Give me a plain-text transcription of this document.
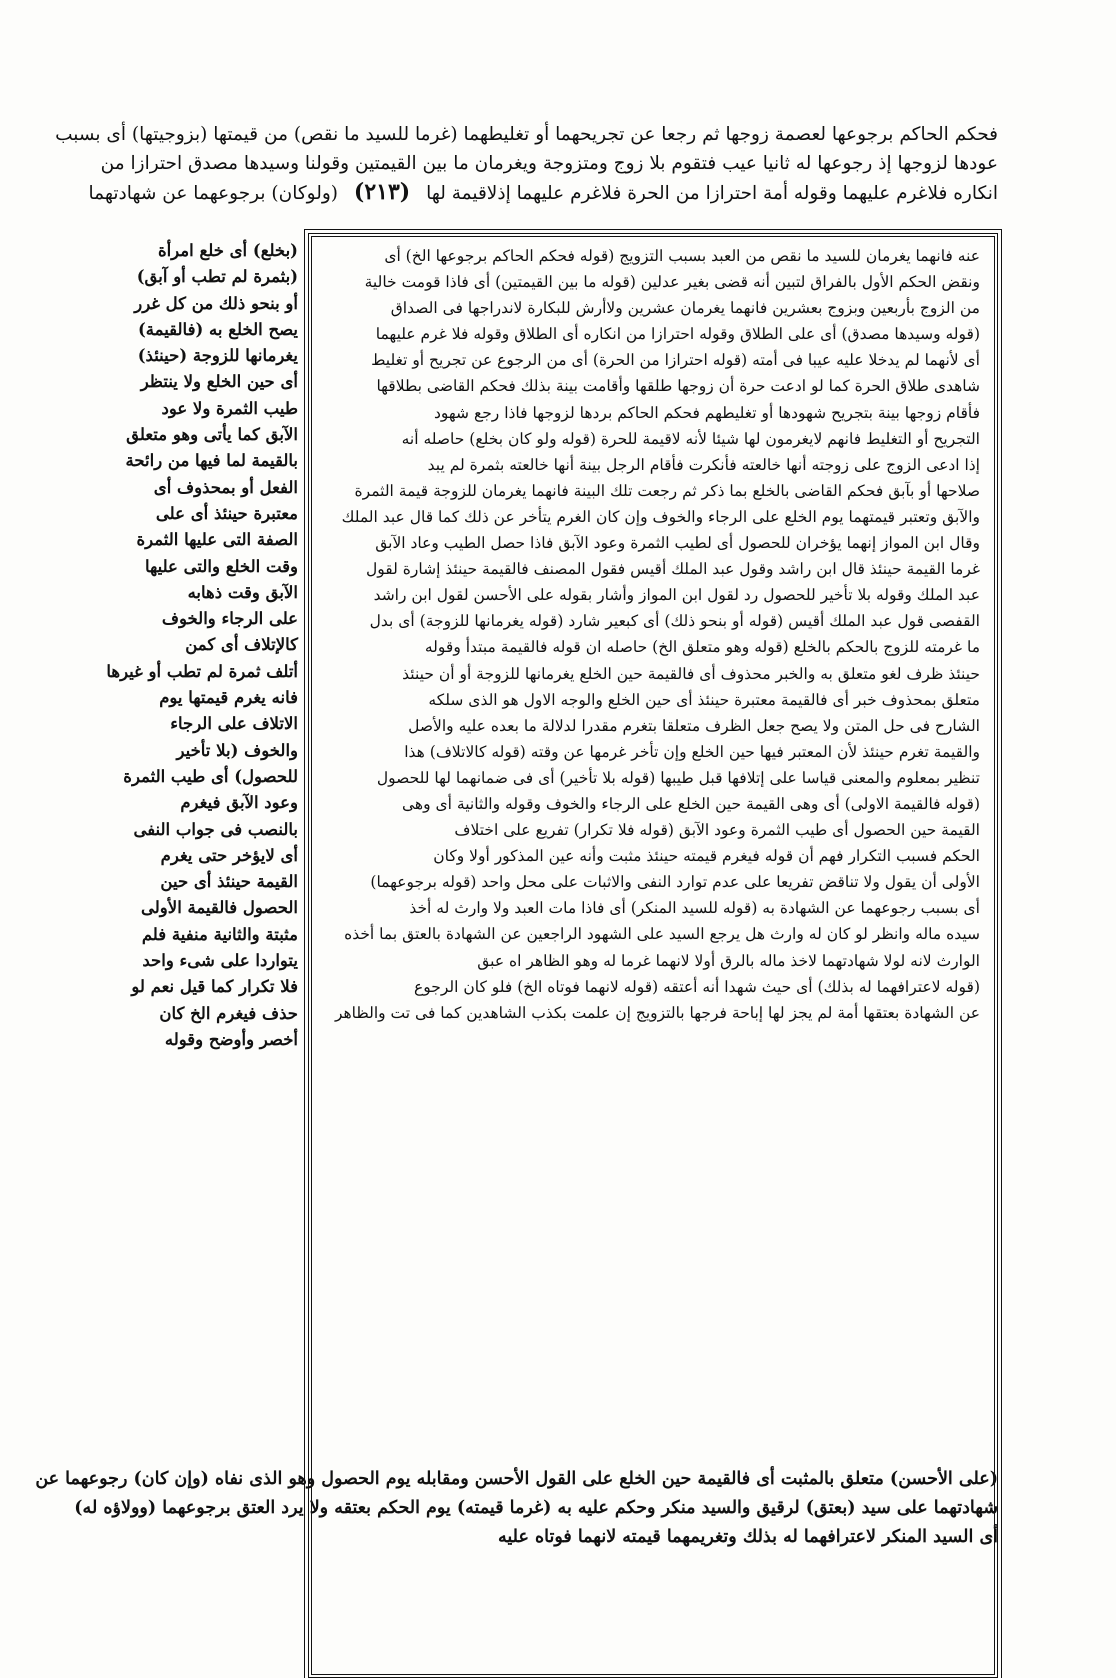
فحكم الحاكم برجوعها لعصمة زوجها ثم رجعا عن تجريحهما أو تغليطهما (غرما للسيد ما نقص) من قيمتها (بزوجيتها) أى بسبب
عودها لزوجها إذ رجوعها له ثانيا عيب فتقوم بلا زوج ومتزوجة ويغرمان ما بين القيمتين وقولنا وسيدها مصدق احترازا من
انكاره فلاغرم عليهما وقوله أمة احترازا من الحرة فلاغرم عليهما إذلاقيمة لها (٢١٣) (ولوكان) برجوعهما عن شهادتهما
عنه فانهما يغرمان للسيد ما نقص من العبد بسبب التزويج (قوله فحكم الحاكم برجوعها الخ) أى
ونقض الحكم الأول بالفراق لتبين أنه قضى بغير عدلين (قوله ما بين القيمتين) أى فاذا قومت خالية
من الزوج بأربعين وبزوج بعشرين فانهما يغرمان عشرين ولاأرش للبكارة لاندراجها فى الصداق
(قوله وسيدها مصدق) أى على الطلاق وقوله احترازا من انكاره أى الطلاق وقوله فلا غرم عليهما
أى لأنهما لم يدخلا عليه عيبا فى أمته (قوله احترازا من الحرة) أى من الرجوع عن تجريح أو تغليط
شاهدى طلاق الحرة كما لو ادعت حرة أن زوجها طلقها وأقامت بينة بذلك فحكم القاضى بطلاقها
فأقام زوجها بينة بتجريح شهودها أو تغليطهم فحكم الحاكم بردها لزوجها فاذا رجع شهود
التجريح أو التغليط فانهم لايغرمون لها شيئا لأنه لاقيمة للحرة (قوله ولو كان بخلع) حاصله أنه
إذا ادعى الزوج على زوجته أنها خالعته فأنكرت فأقام الرجل بينة أنها خالعته بثمرة لم يبد
صلاحها أو بآبق فحكم القاضى بالخلع بما ذكر ثم رجعت تلك البينة فانهما يغرمان للزوجة قيمة الثمرة
والآبق وتعتبر قيمتهما يوم الخلع على الرجاء والخوف وإن كان الغرم يتأخر عن ذلك كما قال عبد الملك
وقال ابن المواز إنهما يؤخران للحصول أى لطيب الثمرة وعود الآبق فاذا حصل الطيب وعاد الآبق
غرما القيمة حينئذ قال ابن راشد وقول عبد الملك أقيس فقول المصنف فالقيمة حينئذ إشارة لقول
عبد الملك وقوله بلا تأخير للحصول رد لقول ابن المواز وأشار بقوله على الأحسن لقول ابن راشد
القفصى قول عبد الملك أقيس (قوله أو بنحو ذلك) أى كبعير شارد (قوله يغرمانها للزوجة) أى بدل
ما غرمته للزوج بالحكم بالخلع (قوله وهو متعلق الخ) حاصله ان قوله فالقيمة مبتدأ وقوله
حينئذ ظرف لغو متعلق به والخبر محذوف أى فالقيمة حين الخلع يغرمانها للزوجة أو أن حينئذ
متعلق بمحذوف خبر أى فالقيمة معتبرة حينئذ أى حين الخلع والوجه الاول هو الذى سلكه
الشارح فى حل المتن ولا يصح جعل الظرف متعلقا بتغرم مقدرا لدلالة ما بعده عليه والأصل
والقيمة تغرم حينئذ لأن المعتبر فيها حين الخلع وإن تأخر غرمها عن وقته (قوله كالاتلاف) هذا
تنظير بمعلوم والمعنى قياسا على إتلافها قبل طيبها (قوله بلا تأخير) أى فى ضمانهما لها للحصول
(قوله فالقيمة الاولى) أى وهى القيمة حين الخلع على الرجاء والخوف وقوله والثانية أى وهى
القيمة حين الحصول أى طيب الثمرة وعود الآبق (قوله فلا تكرار) تفريع على اختلاف
الحكم فسبب التكرار فهم أن قوله فيغرم قيمته حينئذ مثبت وأنه عين المذكور أولا وكان
الأولى أن يقول ولا تناقض تفريعا على عدم توارد النفى والاثبات على محل واحد (قوله برجوعهما)
أى بسبب رجوعهما عن الشهادة به (قوله للسيد المنكر) أى فاذا مات العبد ولا وارث له أخذ
سيده ماله وانظر لو كان له وارث هل يرجع السيد على الشهود الراجعين عن الشهادة بالعتق بما أخذه
الوارث لانه لولا شهادتهما لاخذ ماله بالرق أولا لانهما غرما له وهو الظاهر اه عبق
(قوله لاعترافهما له بذلك) أى حيث شهدا أنه أعتقه (قوله لانهما فوتاه الخ) فلو كان الرجوع
عن الشهادة بعتقها أمة لم يجز لها إباحة فرجها بالتزويج إن علمت بكذب الشاهدين كما فى تت والظاهر
(بخلع) أى خلع امرأة
(بثمرة لم تطب أو آبق)
أو بنحو ذلك من كل غرر
يصح الخلع به (فالقيمة)
يغرمانها للزوجة (حينئذ)
أى حين الخلع ولا ينتظر
طيب الثمرة ولا عود
الآبق كما يأتى وهو متعلق
بالقيمة لما فيها من رائحة
الفعل أو بمحذوف أى
معتبرة حينئذ أى على
الصفة التى عليها الثمرة
وقت الخلع والتى عليها
الآبق وقت ذهابه
على الرجاء والخوف
كالإتلاف أى كمن
أتلف ثمرة لم تطب أو غيرها
فانه يغرم قيمتها يوم
الاتلاف على الرجاء
والخوف (بلا تأخير
للحصول) أى طيب الثمرة
وعود الآبق فيغرم
بالنصب فى جواب النفى
أى لايؤخر حتى يغرم
القيمة حينئذ أى حين
الحصول فالقيمة الأولى
مثبتة والثانية منفية فلم
يتواردا على شىء واحد
فلا تكرار كما قيل نعم لو
حذف فيغرم الخ كان
أخصر وأوضح وقوله
(على الأحسن) متعلق بالمثبت أى فالقيمة حين الخلع على القول الأحسن ومقابله يوم الحصول وهو الذى نفاه (وإن كان) رجوعهما عن
شهادتهما على سيد (بعتق) لرقيق والسيد منكر وحكم عليه به (غرما قيمته) يوم الحكم بعتقه ولا يرد العتق برجوعهما (وولاؤه له)
أى السيد المنكر لاعترافهما له بذلك وتغريمهما قيمته لانهما فوتاه عليه
